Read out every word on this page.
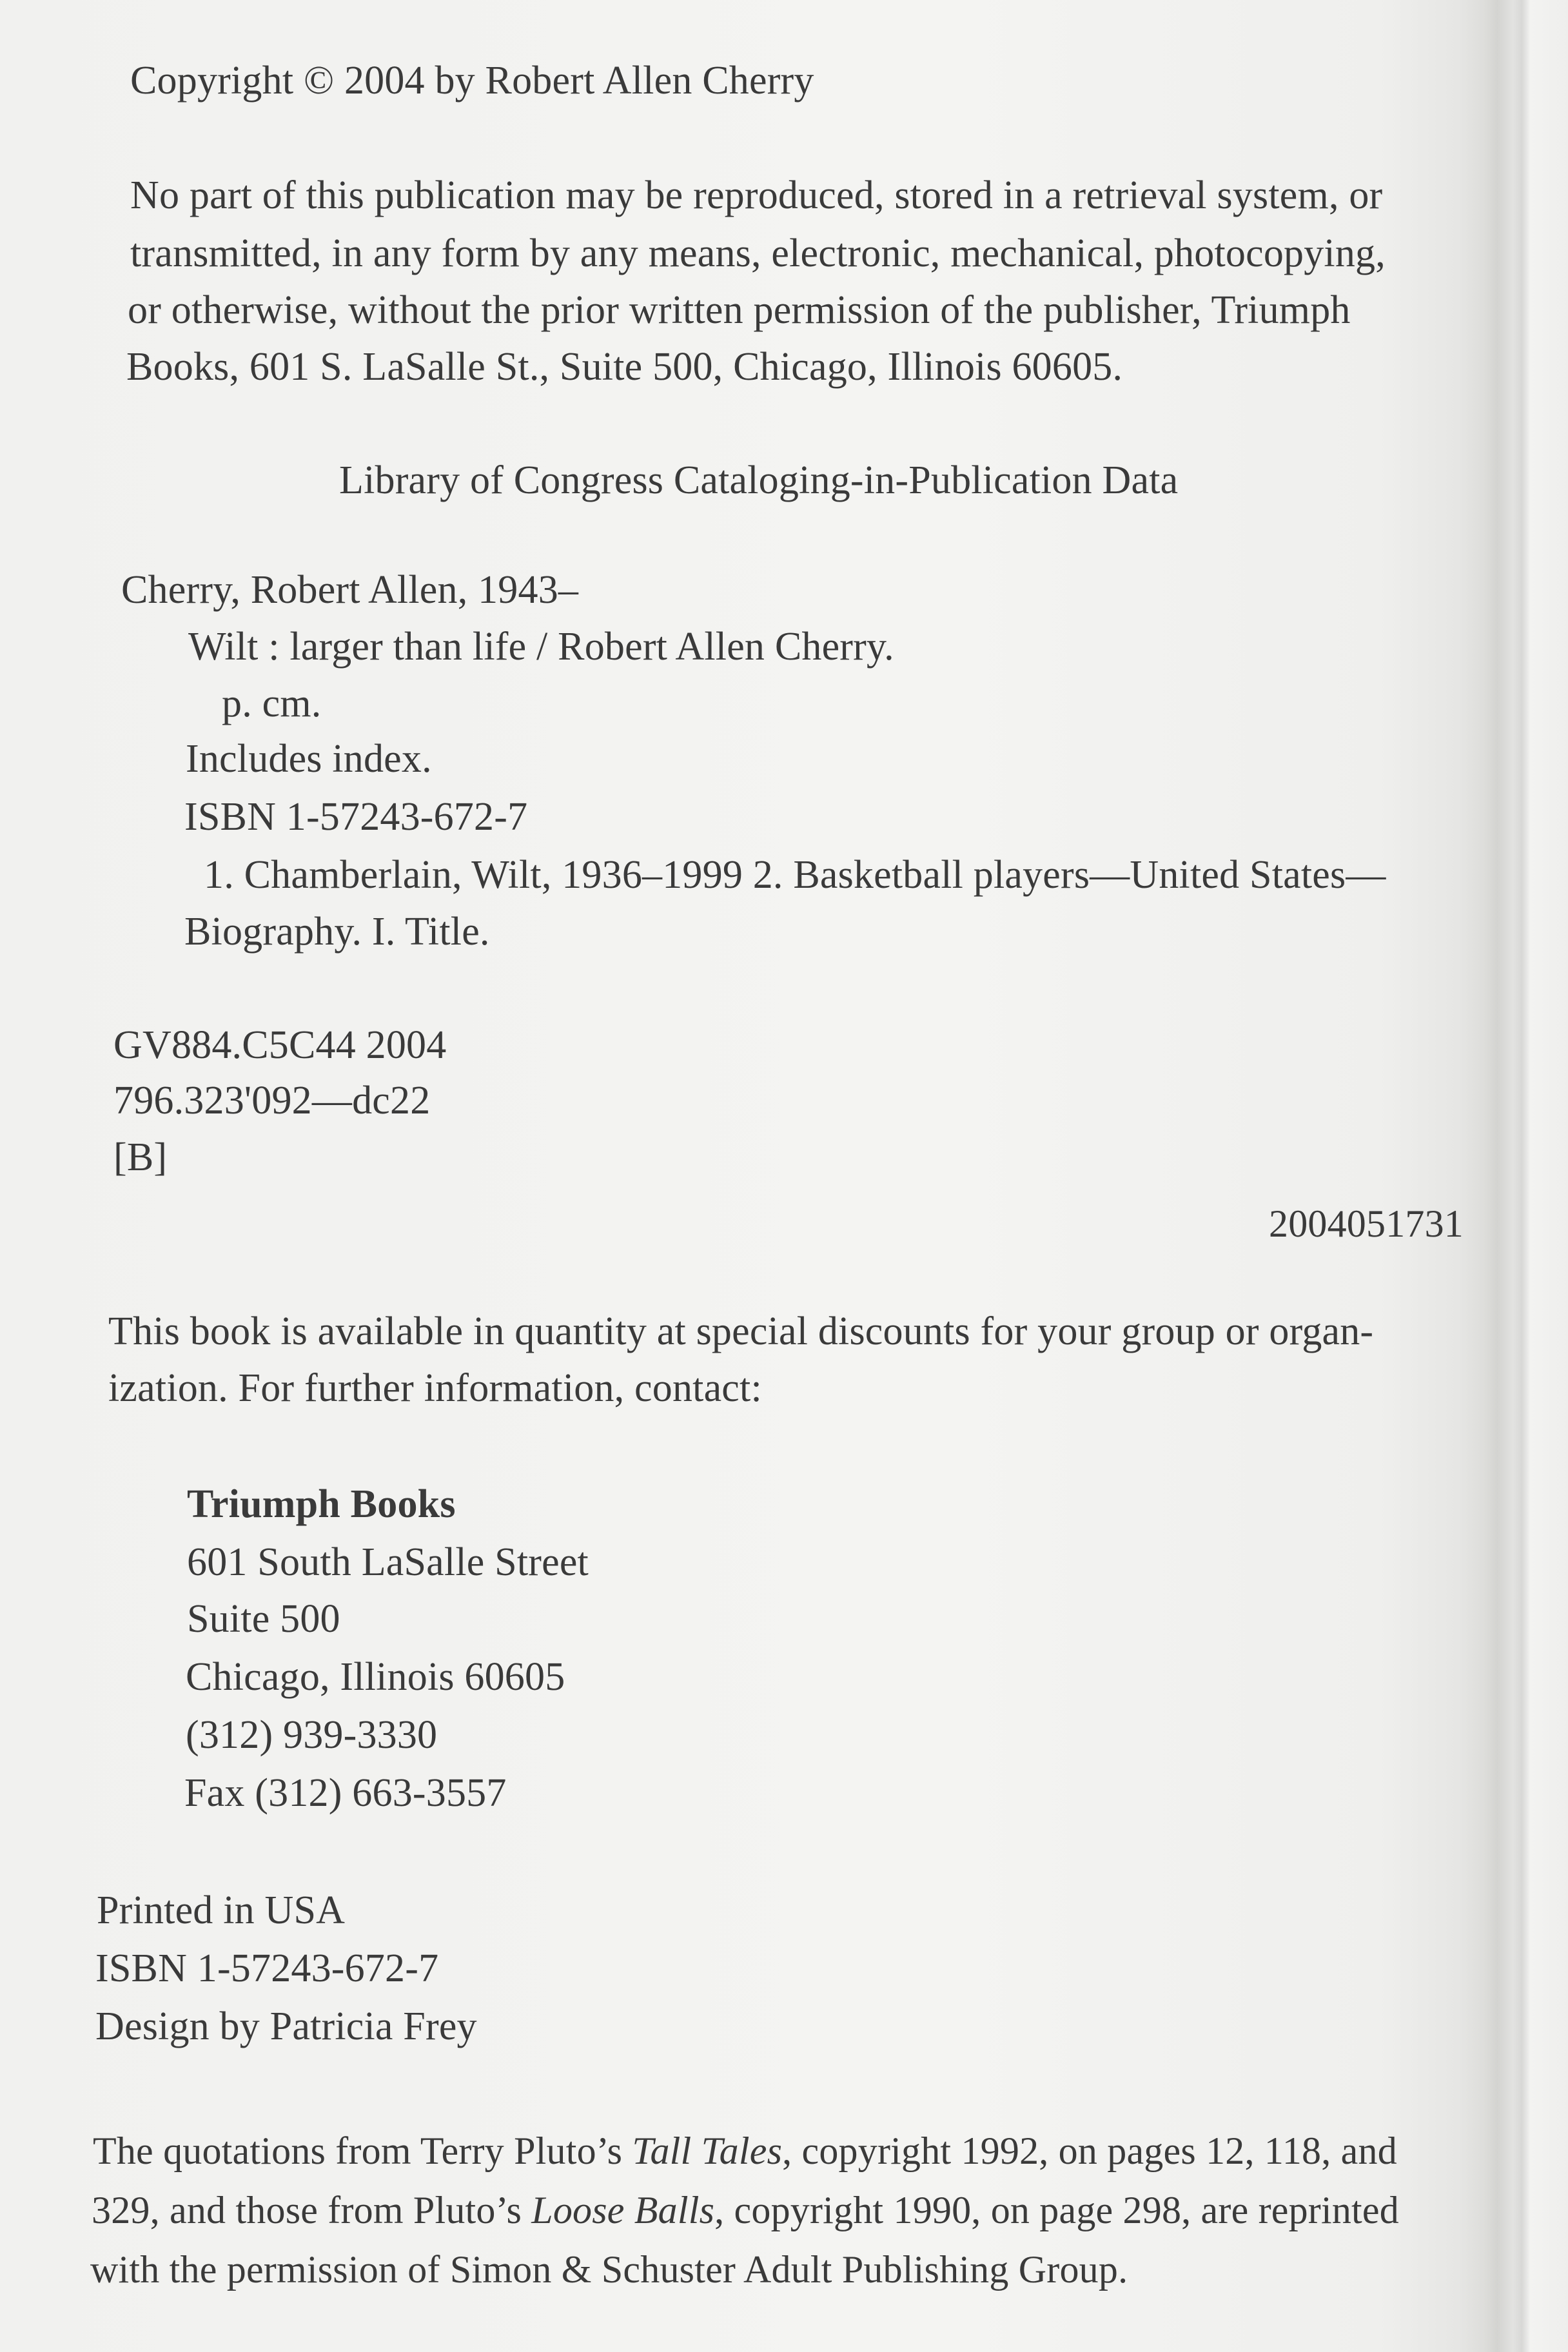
Copyright © 2004 by Robert Allen Cherry
No part of this publication may be reproduced, stored in a retrieval system, or
transmitted, in any form by any means, electronic, mechanical, photocopying,
or otherwise, without the prior written permission of the publisher, Triumph
Books, 601 S. LaSalle St., Suite 500, Chicago, Illinois 60605.
Library of Congress Cataloging-in-Publication Data
Cherry, Robert Allen, 1943–
Wilt : larger than life / Robert Allen Cherry.
p. cm.
Includes index.
ISBN 1-57243-672-7
1. Chamberlain, Wilt, 1936–1999 2. Basketball players—United States—
Biography. I. Title.
GV884.C5C44 2004
796.323'092—dc22
[B]
2004051731
This book is available in quantity at special discounts for your group or organ-
ization. For further information, contact:
Triumph Books
601 South LaSalle Street
Suite 500
Chicago, Illinois 60605
(312) 939-3330
Fax (312) 663-3557
Printed in USA
ISBN 1-57243-672-7
Design by Patricia Frey
The quotations from Terry Pluto’s Tall Tales, copyright 1992, on pages 12, 118, and
329, and those from Pluto’s Loose Balls, copyright 1990, on page 298, are reprinted
with the permission of Simon & Schuster Adult Publishing Group.
